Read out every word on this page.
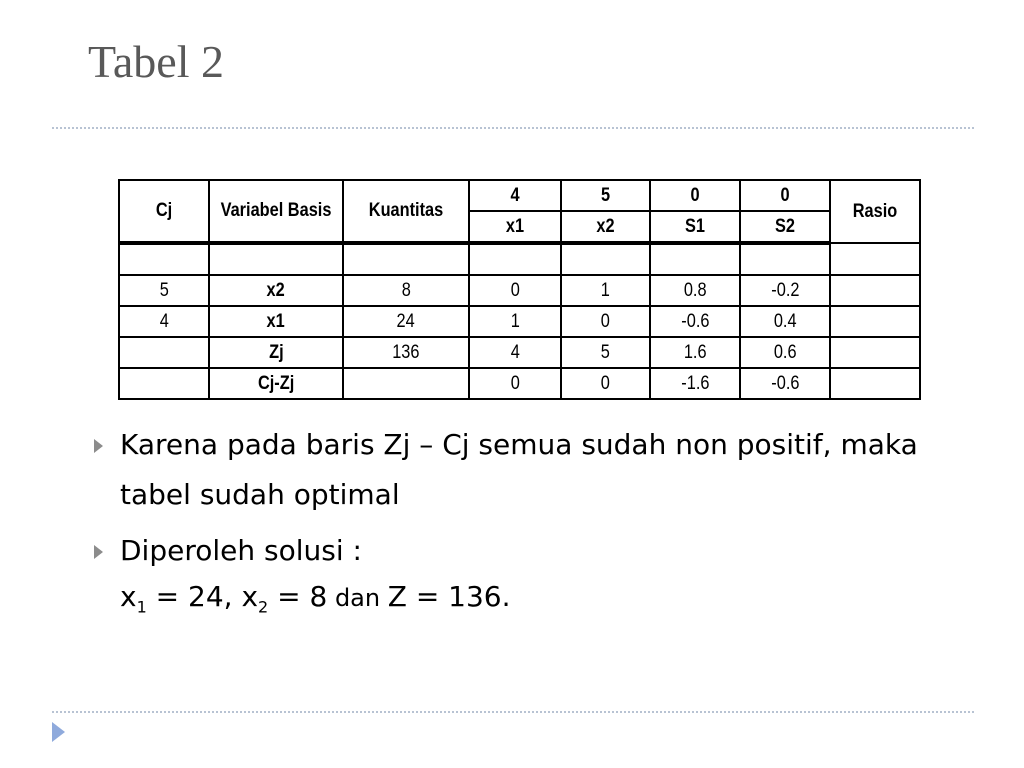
Tabel 2
Cj	Variabel Basis	Kuantitas	4	5	0	0	Rasio
			x1	x2	S1	S2	

5	x2	8	0	1	0.8	-0.2	
4	x1	24	1	0	-0.6	0.4	
	Zj	136	4	5	1.6	0.6	
	Cj-Zj		0	0	-1.6	-0.6	
Karena pada baris Zj – Cj semua sudah non positif, maka tabel sudah optimal
Diperoleh solusi :
$x_1 = 24$, $x_2 = 8$ dan Z = 136.
